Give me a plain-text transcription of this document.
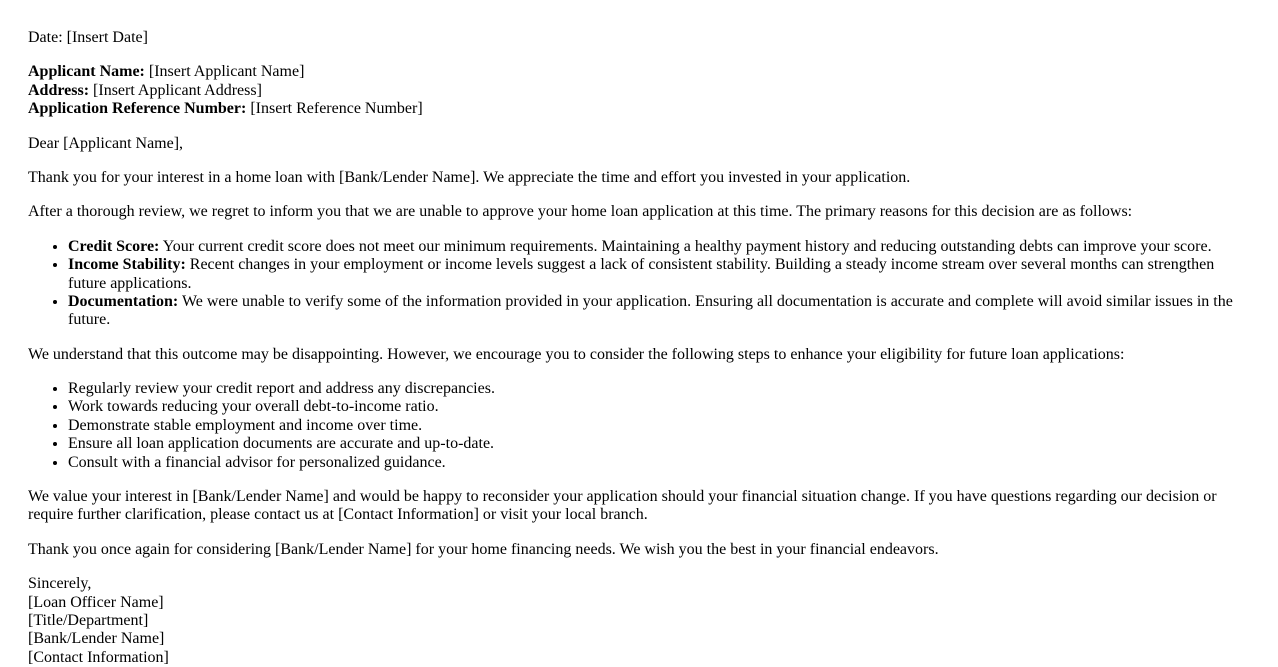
Date: [Insert Date]

Applicant Name: [Insert Applicant Name]
Address: [Insert Applicant Address]
Application Reference Number: [Insert Reference Number]

Dear [Applicant Name],

Thank you for your interest in a home loan with [Bank/Lender Name]. We appreciate the time and effort you invested in your application.

After a thorough review, we regret to inform you that we are unable to approve your home loan application at this time. The primary reasons for this decision are as follows:

• Credit Score: Your current credit score does not meet our minimum requirements. Maintaining a healthy payment history and reducing outstanding debts can improve your score.
• Income Stability: Recent changes in your employment or income levels suggest a lack of consistent stability. Building a steady income stream over several months can strengthen future applications.
• Documentation: We were unable to verify some of the information provided in your application. Ensuring all documentation is accurate and complete will avoid similar issues in the future.

We understand that this outcome may be disappointing. However, we encourage you to consider the following steps to enhance your eligibility for future loan applications:

• Regularly review your credit report and address any discrepancies.
• Work towards reducing your overall debt-to-income ratio.
• Demonstrate stable employment and income over time.
• Ensure all loan application documents are accurate and up-to-date.
• Consult with a financial advisor for personalized guidance.

We value your interest in [Bank/Lender Name] and would be happy to reconsider your application should your financial situation change. If you have questions regarding our decision or require further clarification, please contact us at [Contact Information] or visit your local branch.

Thank you once again for considering [Bank/Lender Name] for your home financing needs. We wish you the best in your financial endeavors.

Sincerely,
[Loan Officer Name]
[Title/Department]
[Bank/Lender Name]
[Contact Information]
